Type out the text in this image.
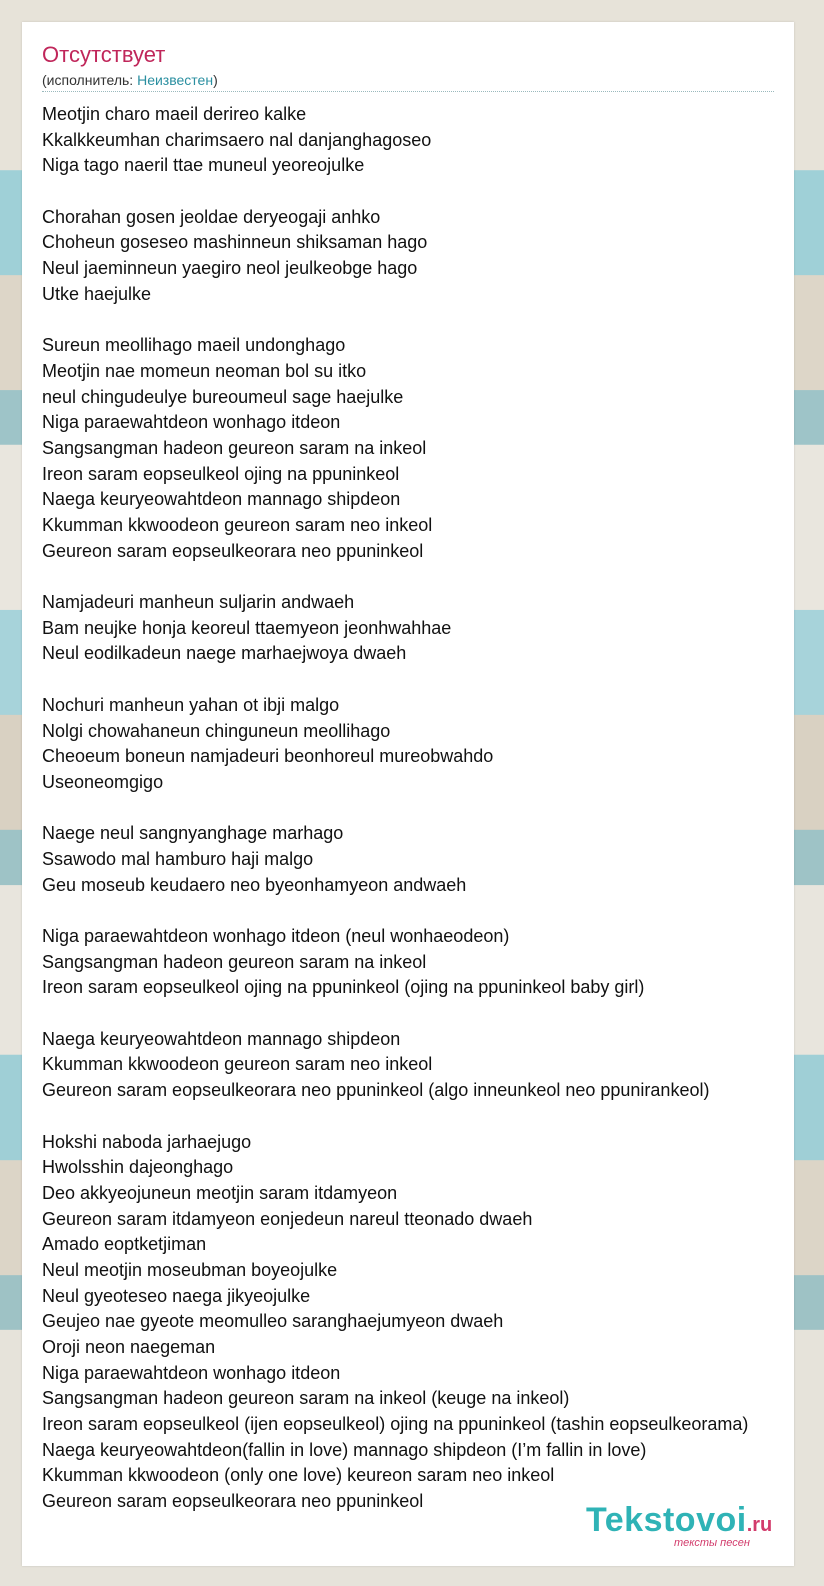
Отсутствует
(исполнитель: Неизвестен)
Meotjin charo maeil derireo kalke
Kkalkkeumhan charimsaero nal danjanghagoseo
Niga tago naeril ttae muneul yeoreojulke
Chorahan gosen jeoldae deryeogaji anhko
Choheun goseseo mashinneun shiksaman hago
Neul jaeminneun yaegiro neol jeulkeobge hago
Utke haejulke
Sureun meollihago maeil undonghago
Meotjin nae momeun neoman bol su itko
neul chingudeulye bureoumeul sage haejulke
Niga paraewahtdeon wonhago itdeon
Sangsangman hadeon geureon saram na inkeol
Ireon saram eopseulkeol ojing na ppuninkeol
Naega keuryeowahtdeon mannago shipdeon
Kkumman kkwoodeon geureon saram neo inkeol
Geureon saram eopseulkeorara neo ppuninkeol
Namjadeuri manheun suljarin andwaeh
Bam neujke honja keoreul ttaemyeon jeonhwahhae
Neul eodilkadeun naege marhaejwoya dwaeh
Nochuri manheun yahan ot ibji malgo
Nolgi chowahaneun chinguneun meollihago
Cheoeum boneun namjadeuri beonhoreul mureobwahdo
Useoneomgigo
Naege neul sangnyanghage marhago
Ssawodo mal hamburo haji malgo
Geu moseub keudaero neo byeonhamyeon andwaeh
Niga paraewahtdeon wonhago itdeon (neul wonhaeodeon)
Sangsangman hadeon geureon saram na inkeol
Ireon saram eopseulkeol ojing na ppuninkeol (ojing na ppuninkeol baby girl)
Naega keuryeowahtdeon mannago shipdeon
Kkumman kkwoodeon geureon saram neo inkeol
Geureon saram eopseulkeorara neo ppuninkeol (algo inneunkeol neo ppunirankeol)
Hokshi naboda jarhaejugo
Hwolsshin dajeonghago
Deo akkyeojuneun meotjin saram itdamyeon
Geureon saram itdamyeon eonjedeun nareul tteonado dwaeh
Amado eoptketjiman
Neul meotjin moseubman boyeojulke
Neul gyeoteseo naega jikyeojulke
Geujeo nae gyeote meomulleo saranghaejumyeon dwaeh
Oroji neon naegeman
Niga paraewahtdeon wonhago itdeon
Sangsangman hadeon geureon saram na inkeol (keuge na inkeol)
Ireon saram eopseulkeol (ijen eopseulkeol) ojing na ppuninkeol (tashin eopseulkeorama)
Naega keuryeowahtdeon(fallin in love) mannago shipdeon (I’m fallin in love)
Kkumman kkwoodeon (only one love) keureon saram neo inkeol
Geureon saram eopseulkeorara neo ppuninkeol	Tekstovoi.ru
тексты песен
